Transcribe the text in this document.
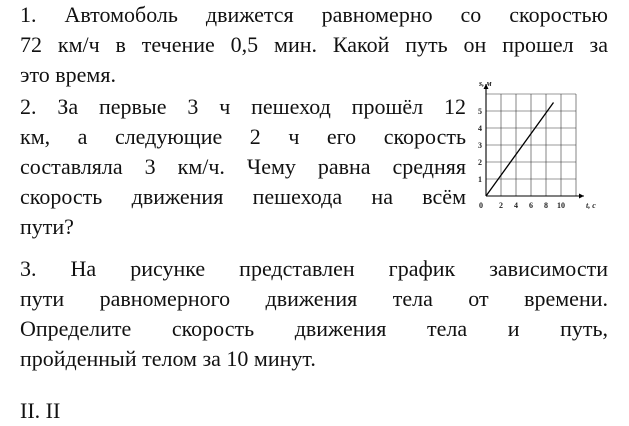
1. Автомоболь движется равномерно со скоростью
72 км/ч в течение 0,5 мин. Какой путь он прошел за
это время.
2. За первые 3 ч пешеход прошёл 12
км, а следующие 2 ч его скорость
составляла 3 км/ч. Чему равна средняя
скорость движения пешехода на всём
пути?
3. На рисунке представлен график зависимости
пути равномерного движения тела от времени.
Определите скорость движения тела и путь,
пройденный телом за 10 минут.
0 2 4 6 8 10
1
2
3
4
5
s, м
t, c
II. II
